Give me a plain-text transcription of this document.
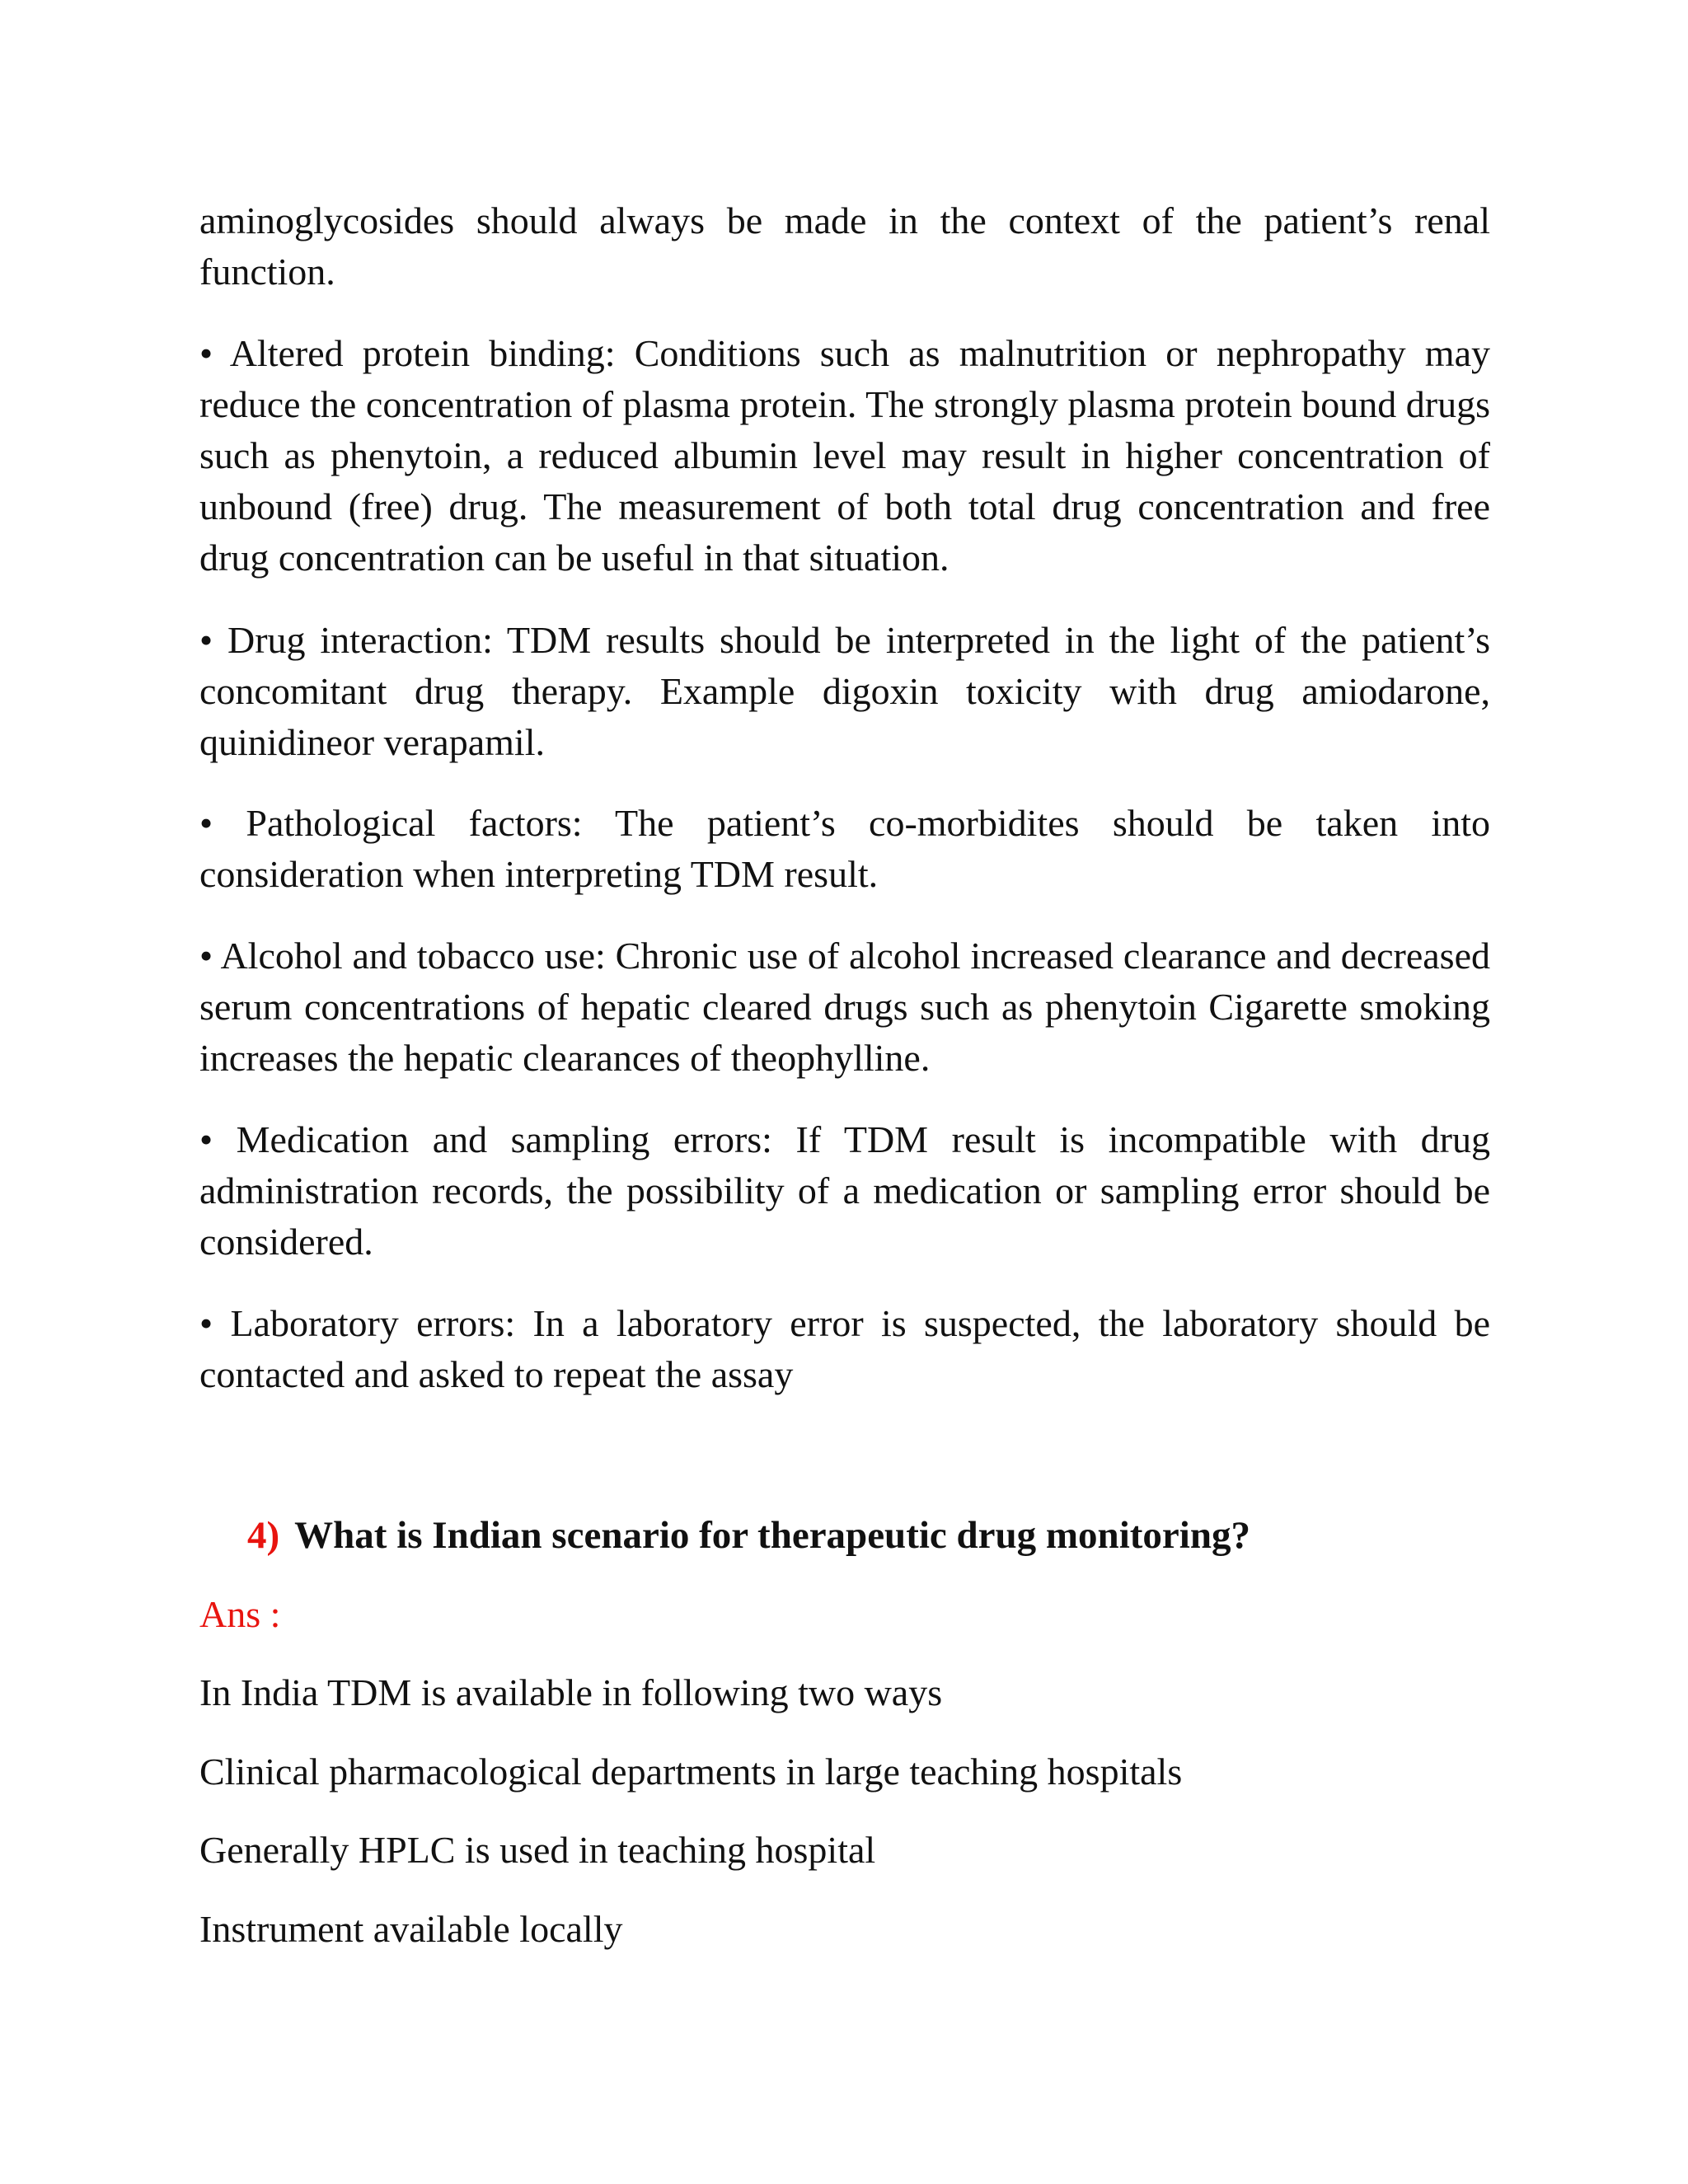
aminoglycosides should always be made in the context of the patient’s renal function.

• Altered protein binding: Conditions such as malnutrition or nephropathy may reduce the concentration of plasma protein. The strongly plasma protein bound drugs such as phenytoin, a reduced albumin level may result in higher concentration of unbound (free) drug. The measurement of both total drug concentration and free drug concentration can be useful in that situation.

• Drug interaction: TDM results should be interpreted in the light of the patient’s concomitant drug therapy. Example digoxin toxicity with drug amiodarone, quinidineor verapamil.

• Pathological factors: The patient’s co-morbidites should be taken into consideration when interpreting TDM result.

• Alcohol and tobacco use: Chronic use of alcohol increased clearance and decreased serum concentrations of hepatic cleared drugs such as phenytoin Cigarette smoking increases the hepatic clearances of theophylline.

• Medication and sampling errors: If TDM result is incompatible with drug administration records, the possibility of a medication or sampling error should be considered.

• Laboratory errors: In a laboratory error is suspected, the laboratory should be contacted and asked to repeat the assay

4) What is Indian scenario for therapeutic drug monitoring?
Ans :
In India TDM is available in following two ways
Clinical pharmacological departments in large teaching hospitals
Generally HPLC is used in teaching hospital
Instrument available locally
